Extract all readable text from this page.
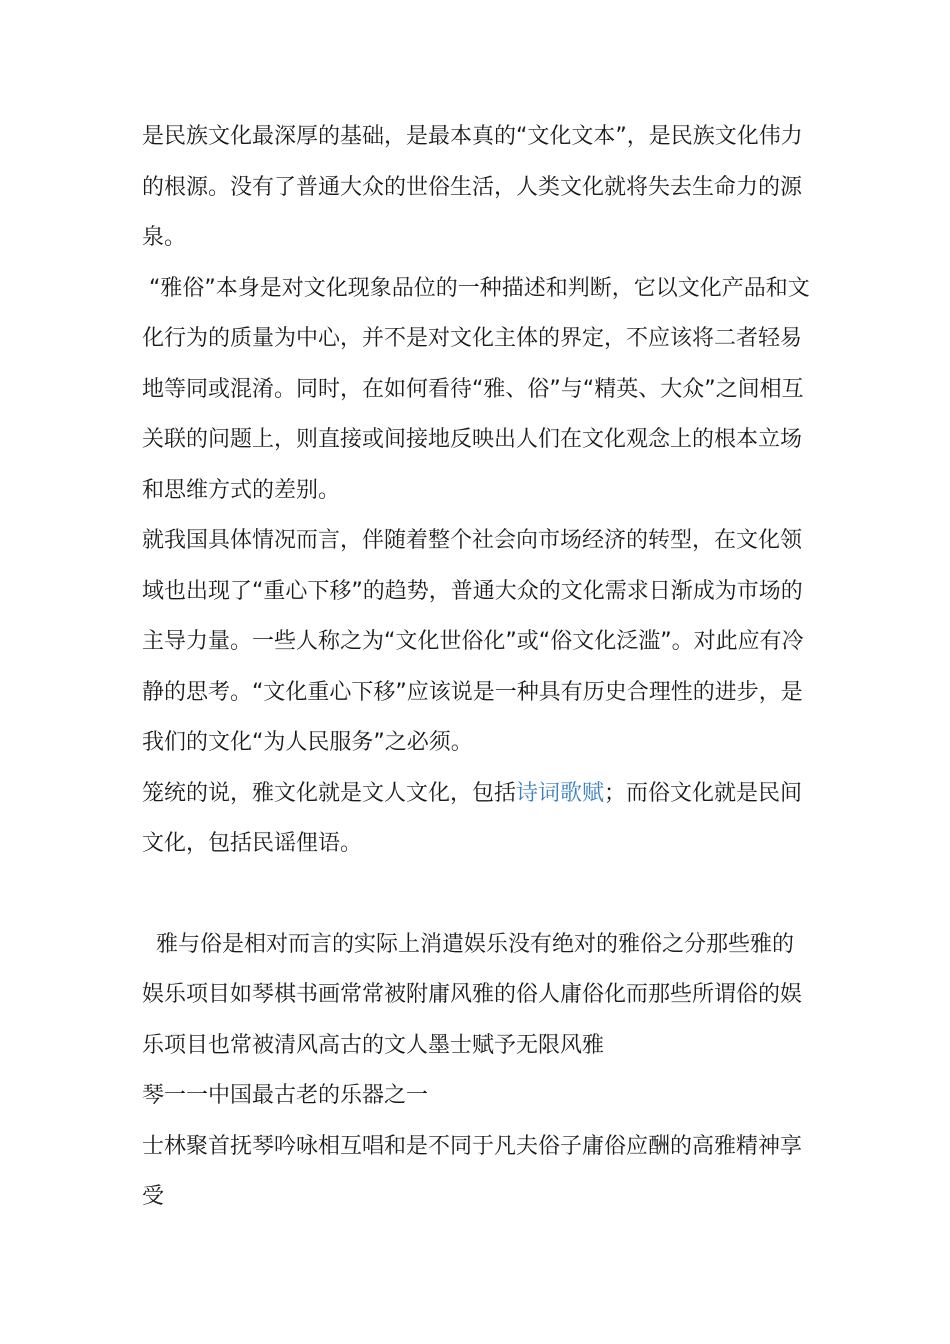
是民族文化最深厚的基础，是最本真的“文化文本”，是民族文化伟力的根源。没有了普通大众的世俗生活，人类文化就将失去生命力的源泉。

“雅俗”本身是对文化现象品位的一种描述和判断，它以文化产品和文化行为的质量为中心，并不是对文化主体的界定，不应该将二者轻易地等同或混淆。同时，在如何看待“雅、俗”与“精英、大众”之间相互关联的问题上，则直接或间接地反映出人们在文化观念上的根本立场和思维方式的差别。

就我国具体情况而言，伴随着整个社会向市场经济的转型，在文化领域也出现了“重心下移”的趋势，普通大众的文化需求日渐成为市场的主导力量。一些人称之为“文化世俗化”或“俗文化泛滥”。对此应有冷静的思考。“文化重心下移”应该说是一种具有历史合理性的进步，是我们的文化“为人民服务”之必须。

笼统的说，雅文化就是文人文化，包括诗词歌赋；而俗文化就是民间文化，包括民谣俚语。

雅与俗是相对而言的实际上消遣娱乐没有绝对的雅俗之分那些雅的娱乐项目如琴棋书画常常被附庸风雅的俗人庸俗化而那些所谓俗的娱乐项目也常被清风高古的文人墨士赋予无限风雅

琴一一中国最古老的乐器之一

士林聚首抚琴吟咏相互唱和是不同于凡夫俗子庸俗应酬的高雅精神享受
